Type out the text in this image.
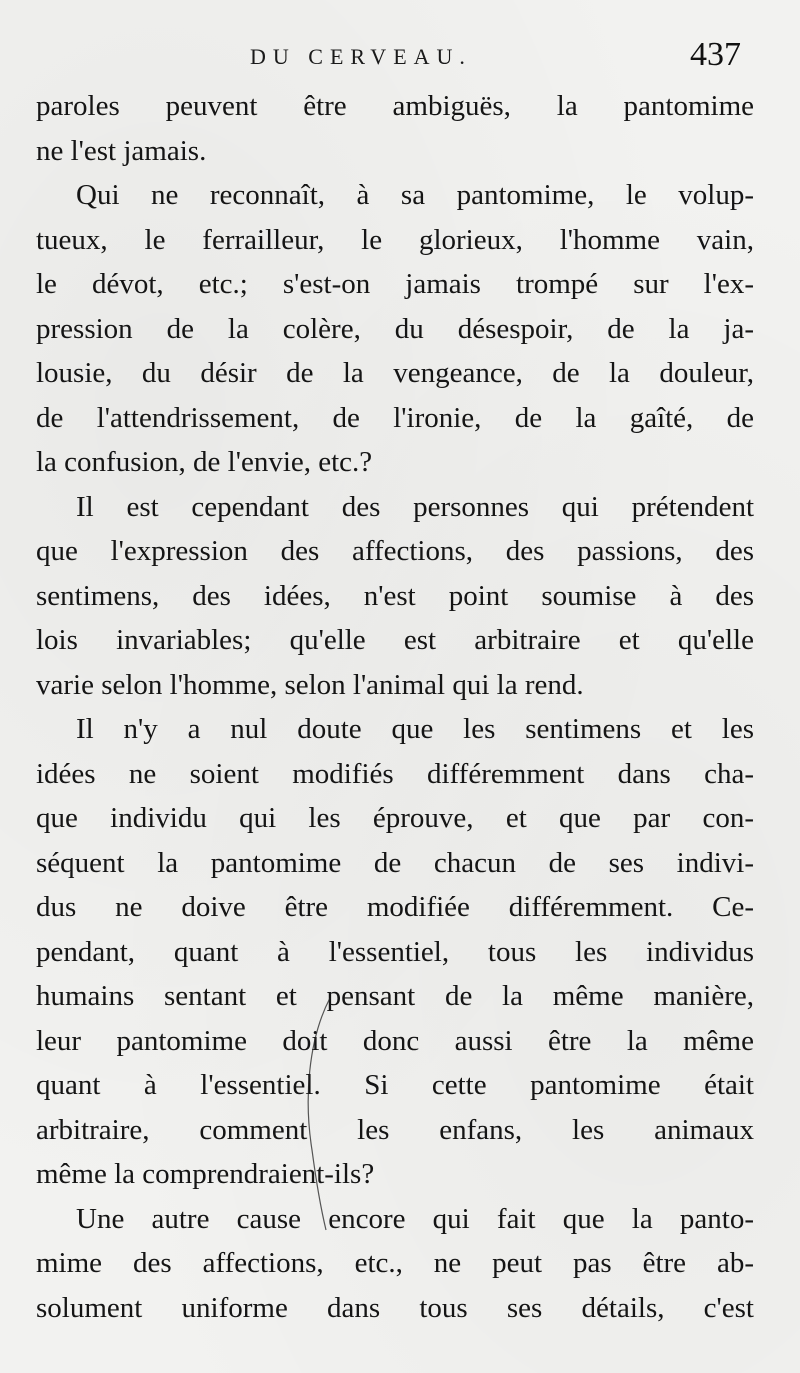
DU CERVEAU.	437
paroles peuvent être ambiguës, la pantomime
ne l'est jamais.
Qui ne reconnaît, à sa pantomime, le volup-
tueux, le ferrailleur, le glorieux, l'homme vain,
le dévot, etc.; s'est-on jamais trompé sur l'ex-
pression de la colère, du désespoir, de la ja-
lousie, du désir de la vengeance, de la douleur,
de l'attendrissement, de l'ironie, de la gaîté, de
la confusion, de l'envie, etc.?
Il est cependant des personnes qui prétendent
que l'expression des affections, des passions, des
sentimens, des idées, n'est point soumise à des
lois invariables; qu'elle est arbitraire et qu'elle
varie selon l'homme, selon l'animal qui la rend.
Il n'y a nul doute que les sentimens et les
idées ne soient modifiés différemment dans cha-
que individu qui les éprouve, et que par con-
séquent la pantomime de chacun de ses indivi-
dus ne doive être modifiée différemment. Ce-
pendant, quant à l'essentiel, tous les individus
humains sentant et pensant de la même manière,
leur pantomime doit donc aussi être la même
quant à l'essentiel. Si cette pantomime était
arbitraire, comment les enfans, les animaux
même la comprendraient-ils?
Une autre cause encore qui fait que la panto-
mime des affections, etc., ne peut pas être ab-
solument uniforme dans tous ses détails, c'est
